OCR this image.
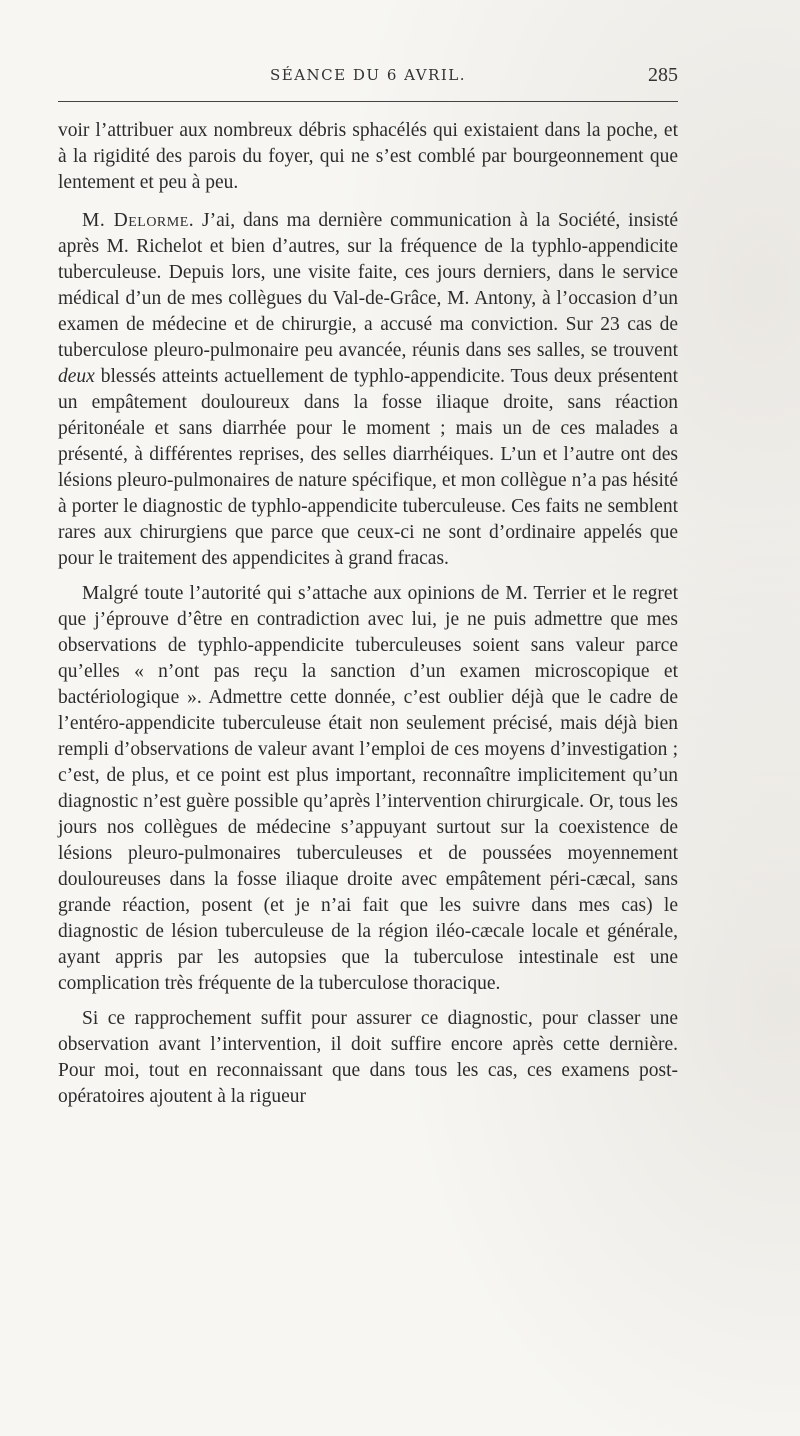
SÉANCE DU 6 AVRIL.	285

voir l’attribuer aux nombreux débris sphacélés qui existaient dans la poche, et à la rigidité des parois du foyer, qui ne s’est comblé par bourgeonnement que lentement et peu à peu.

M. Delorme. J’ai, dans ma dernière communication à la Société, insisté après M. Richelot et bien d’autres, sur la fréquence de la typhlo-appendicite tuberculeuse. Depuis lors, une visite faite, ces jours derniers, dans le service médical d’un de mes collègues du Val-de-Grâce, M. Antony, à l’occasion d’un examen de médecine et de chirurgie, a accusé ma conviction. Sur 23 cas de tuberculose pleuro-pulmonaire peu avancée, réunis dans ses salles, se trouvent deux blessés atteints actuellement de typhlo-appendicite. Tous deux présentent un empâtement douloureux dans la fosse iliaque droite, sans réaction péritonéale et sans diarrhée pour le moment ; mais un de ces malades a présenté, à différentes reprises, des selles diarrhéiques. L’un et l’autre ont des lésions pleuro-pulmonaires de nature spécifique, et mon collègue n’a pas hésité à porter le diagnostic de typhlo-appendicite tuberculeuse. Ces faits ne semblent rares aux chirurgiens que parce que ceux-ci ne sont d’ordinaire appelés que pour le traitement des appendicites à grand fracas.

Malgré toute l’autorité qui s’attache aux opinions de M. Terrier et le regret que j’éprouve d’être en contradiction avec lui, je ne puis admettre que mes observations de typhlo-appendicite tuberculeuses soient sans valeur parce qu’elles « n’ont pas reçu la sanction d’un examen microscopique et bactériologique ». Admettre cette donnée, c’est oublier déjà que le cadre de l’entéro-appendicite tuberculeuse était non seulement précisé, mais déjà bien rempli d’observations de valeur avant l’emploi de ces moyens d’investigation ; c’est, de plus, et ce point est plus important, reconnaître implicitement qu’un diagnostic n’est guère possible qu’après l’intervention chirurgicale. Or, tous les jours nos collègues de médecine s’appuyant surtout sur la coexistence de lésions pleuro-pulmonaires tuberculeuses et de poussées moyennement douloureuses dans la fosse iliaque droite avec empâtement péri-cæcal, sans grande réaction, posent (et je n’ai fait que les suivre dans mes cas) le diagnostic de lésion tuberculeuse de la région iléo-cæcale locale et générale, ayant appris par les autopsies que la tuberculose intestinale est une complication très fréquente de la tuberculose thoracique.

Si ce rapprochement suffit pour assurer ce diagnostic, pour classer une observation avant l’intervention, il doit suffire encore après cette dernière. Pour moi, tout en reconnaissant que dans tous les cas, ces examens post-opératoires ajoutent à la rigueur
